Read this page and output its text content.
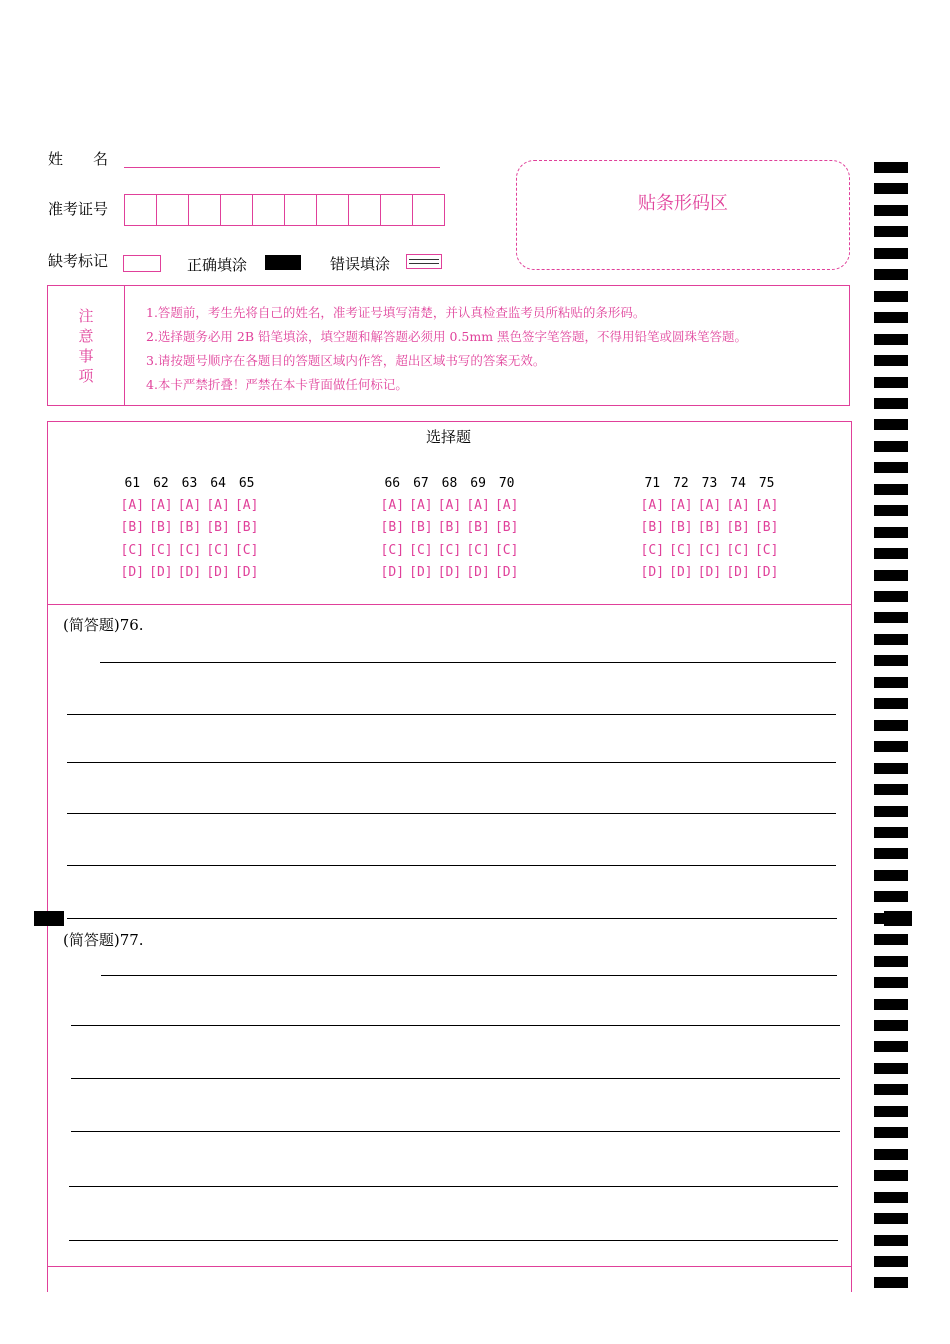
姓　　名
准考证号
缺考标记	正确填涂	错误填涂
贴条形码区
注
意
事
项
1.答题前，考生先将自己的姓名，准考证号填写清楚，并认真检查监考员所粘贴的条形码。
2.选择题务必用 2B 铅笔填涂，填空题和解答题必须用 0.5mm 黑色签字笔答题，不得用铅笔或圆珠笔答题。
3.请按题号顺序在各题目的答题区域内作答，超出区域书写的答案无效。
4.本卡严禁折叠！严禁在本卡背面做任何标记。
选择题
61
[A]
[B]
[C]
[D]
62
[A]
[B]
[C]
[D]
63
[A]
[B]
[C]
[D]
64
[A]
[B]
[C]
[D]
65
[A]
[B]
[C]
[D]
66
[A]
[B]
[C]
[D]
67
[A]
[B]
[C]
[D]
68
[A]
[B]
[C]
[D]
69
[A]
[B]
[C]
[D]
70
[A]
[B]
[C]
[D]
71
[A]
[B]
[C]
[D]
72
[A]
[B]
[C]
[D]
73
[A]
[B]
[C]
[D]
74
[A]
[B]
[C]
[D]
75
[A]
[B]
[C]
[D]
(简答题)76.
(简答题)77.
